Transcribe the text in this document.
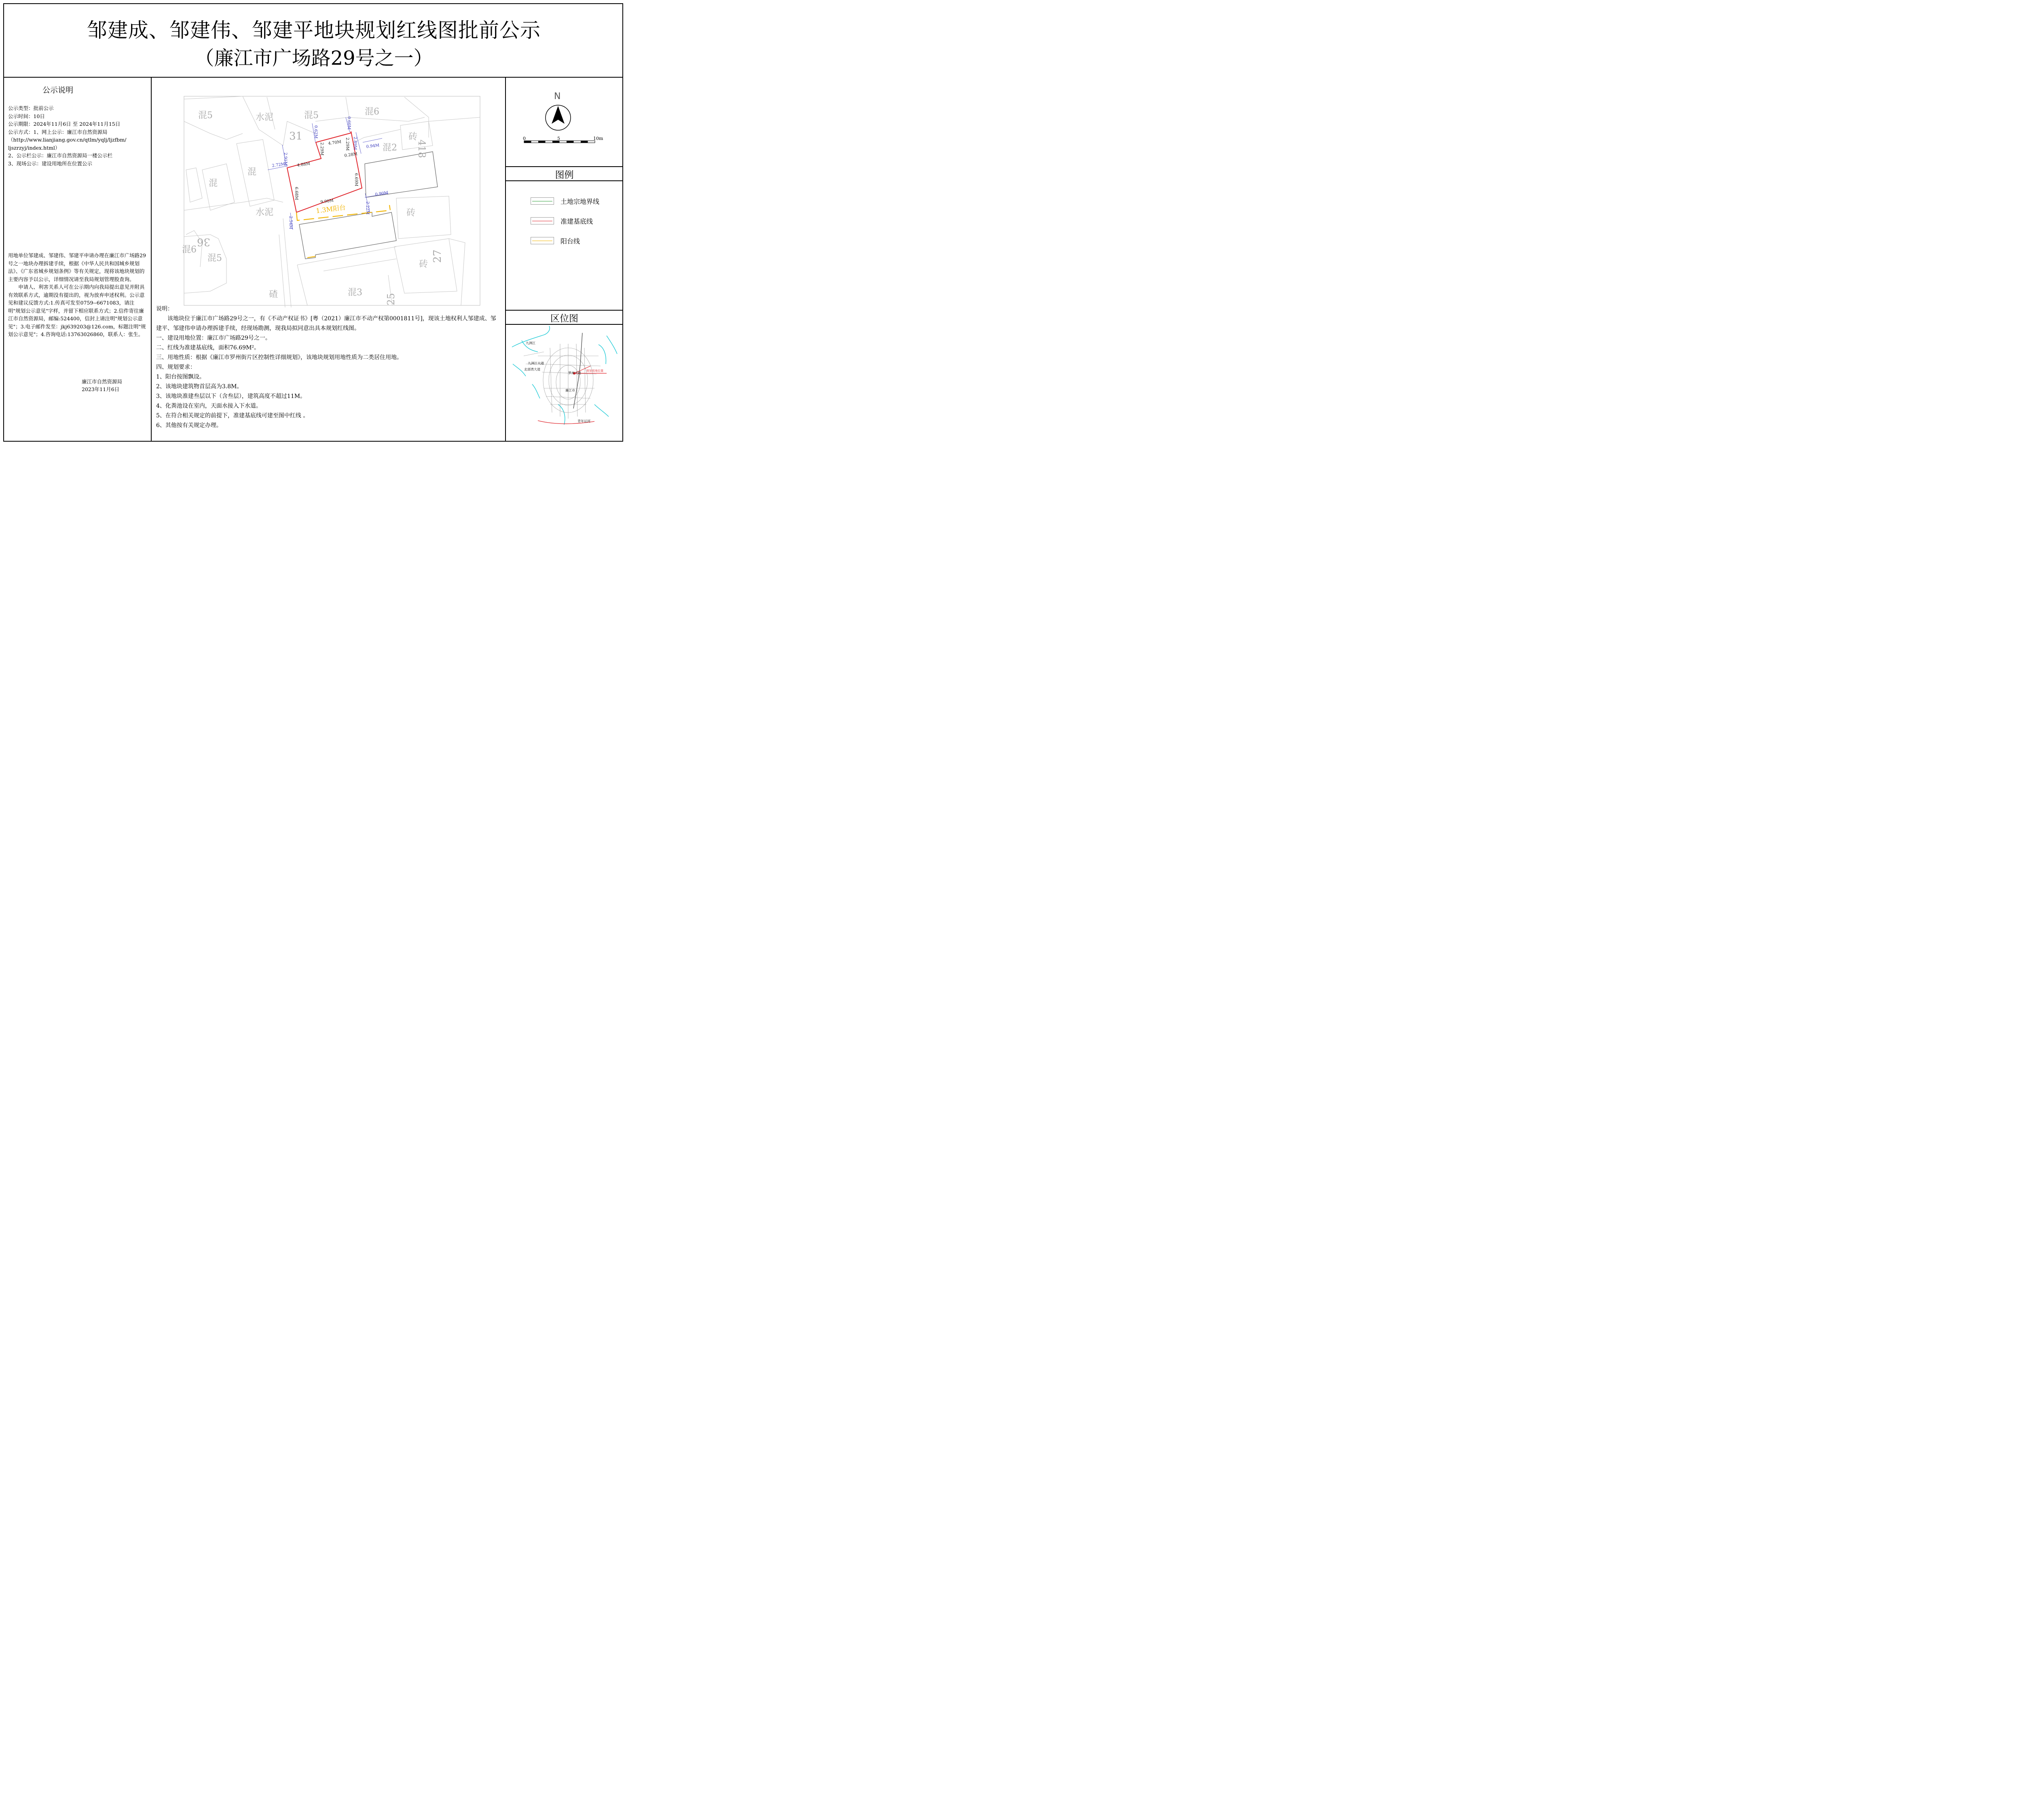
邹建成、邹建伟、邹建平地块规划红线图批前公示
（廉江市广场路29号之一）
公示说明
公示类型：批前公示
公示时间：10日
公示期限：2024年11月6日 至 2024年11月15日
公示方式：1、网上公示：廉江市自然资源局
（http://www.lianjiang.gov.cn/qtlm/yqlj/ljzfbm/
ljszrzyj/index.html）
2、公示栏公示：廉江市自然资源局一楼公示栏
3、现场公示：建设用地所在位置公示

用地单位邹建成、邹建伟、邹建平申请办理在廉江市广场路29号之一地块办理拆建手续，根据《中华人民共和国城乡规划法》、《广东省城乡规划条例》等有关规定，现将该地块规划的主要内容予以公示，详细情况请至我局规划管理股查询。

申请人、利害关系人可在公示期内向我局提出意见并附具有效联系方式，逾期没有提出的，视为放弃申述权利。公示意见和建议反馈方式:1.传真可发至0759--6671083，请注明"规划公示意见"字样，并留下相应联系方式；2.信件寄往廉江市自然资源局，邮编:524400，信封上请注明"规划公示意见"；3.电子邮件发至：jkj639203@126.com，标题注明"规划公示意见"；4.咨询电话:13763026860，联系人：张生。

廉江市自然资源局
2023年11月6日
混5	水泥	混5	混6
31
混2
砖
418
混
混
水泥	砖
混6
36
混5
砖
27
混3
碴	25
1.3M阳台
0.62M
0.60M
2.89M 0.94M
2.91M
2.72M
0.90M
2.22M
2.54M
4.70M
2.29M	2.29M
0.28M
4.88M
6.68M
6.69M
9.90M
九洲江
九洲江大道
北部湾大道
罗州大道
规划用地位置
廉江市
青年运河
N
0	5	10m
说明：
　　该地块位于廉江市广场路29号之一，有《不动产权证书》[粤（2021）廉江市不动产权第0001811号]，现该土地权利人邹建成、邹
建平、邹建伟申请办理拆建手续，经现场勘测，现我局拟同意出具本规划红线图。
一、建设用地位置：廉江市广场路29号之一。
二、红线为准建基底线，面积76.69M²。
三、用地性质：根据《廉江市罗州街片区控制性详细规划》，该地块规划用地性质为二类居住用地。
四、规划要求：
1、阳台按图飘设。
2、该地块建筑物首层高为3.8M。
3、该地块准建叁层以下（含叁层），建筑高度不超过11M。
4、化粪池设在室内，天面水接入下水道。
5、在符合相关规定的前提下，准建基底线可建至图中红线 。
6、其他按有关规定办理。
图例
土地宗地界线
准建基底线
阳台线
区位图
